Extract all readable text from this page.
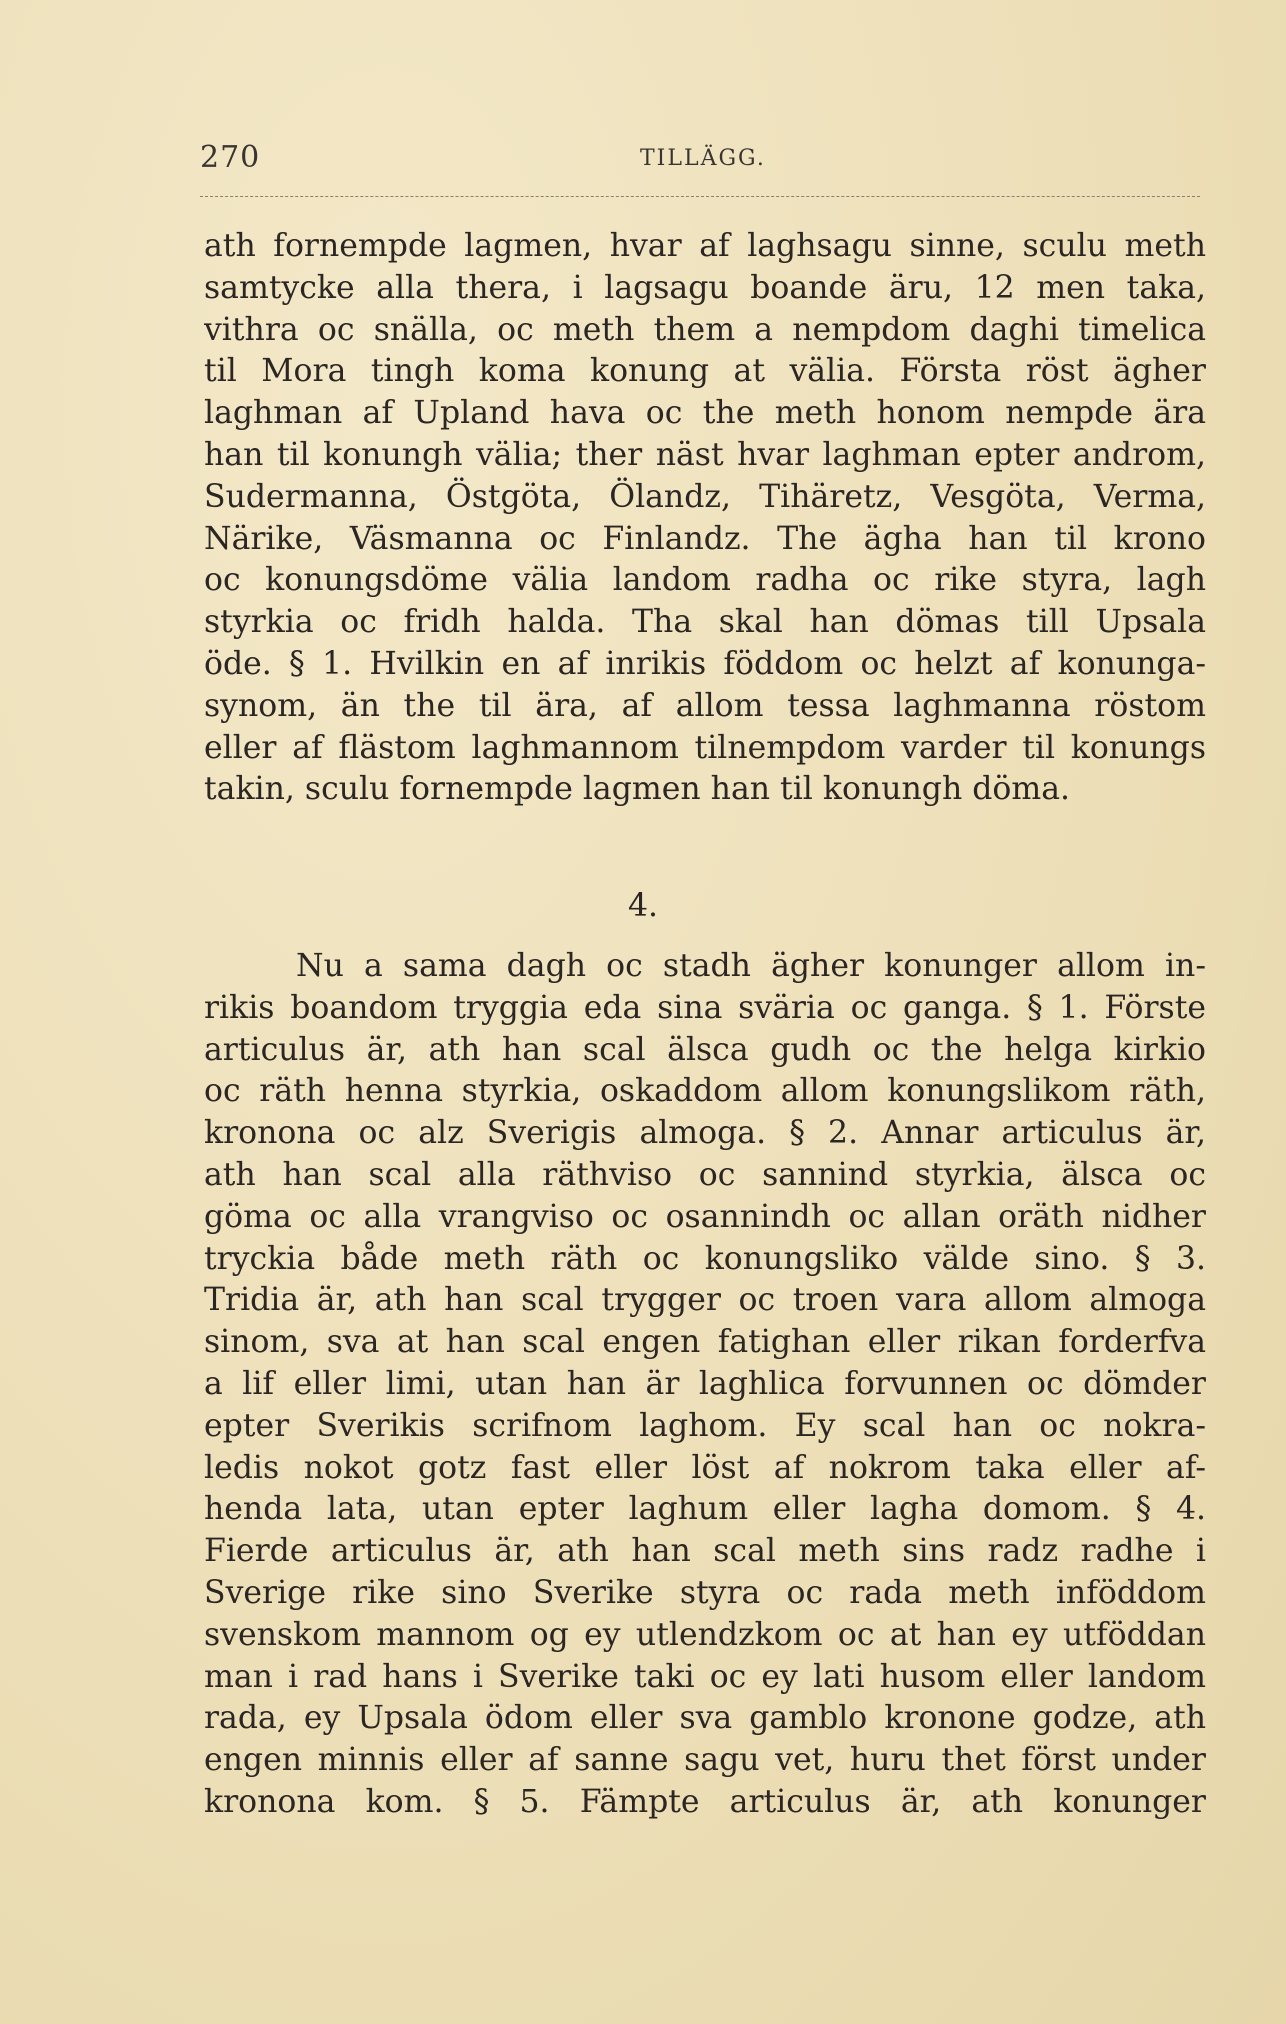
270	TILLÄGG.
ath fornempde lagmen, hvar af laghsagu sinne, sculu meth
samtycke alla thera, i lagsagu boande äru, 12 men taka,
vithra oc snälla, oc meth them a nempdom daghi timelica
til Mora tingh koma konung at välia. Första röst ägher
laghman af Upland hava oc the meth honom nempde ära
han til konungh välia; ther näst hvar laghman epter androm,
Sudermanna, Östgöta, Ölandz, Tihäretz, Vesgöta, Verma,
Närike, Väsmanna oc Finlandz. The ägha han til krono
oc konungsdöme välia landom radha oc rike styra, lagh
styrkia oc fridh halda. Tha skal han dömas till Upsala
öde. § 1. Hvilkin en af inrikis föddom oc helzt af konunga-
synom, än the til ära, af allom tessa laghmanna röstom
eller af flästom laghmannom tilnempdom varder til konungs
takin, sculu fornempde lagmen han til konungh döma.
4.
Nu a sama dagh oc stadh ägher konunger allom in-
rikis boandom tryggia eda sina sväria oc ganga. § 1. Förste
articulus är, ath han scal älsca gudh oc the helga kirkio
oc räth henna styrkia, oskaddom allom konungslikom räth,
kronona oc alz Sverigis almoga. § 2. Annar articulus är,
ath han scal alla räthviso oc sannind styrkia, älsca oc
göma oc alla vrangviso oc osannindh oc allan oräth nidher
tryckia både meth räth oc konungsliko välde sino. § 3.
Tridia är, ath han scal trygger oc troen vara allom almoga
sinom, sva at han scal engen fatighan eller rikan forderfva
a lif eller limi, utan han är laghlica forvunnen oc dömder
epter Sverikis scrifnom laghom. Ey scal han oc nokra-
ledis nokot gotz fast eller löst af nokrom taka eller af-
henda lata, utan epter laghum eller lagha domom. § 4.
Fierde articulus är, ath han scal meth sins radz radhe i
Sverige rike sino Sverike styra oc rada meth inföddom
svenskom mannom og ey utlendzkom oc at han ey utföddan
man i rad hans i Sverike taki oc ey lati husom eller landom
rada, ey Upsala ödom eller sva gamblo kronone godze, ath
engen minnis eller af sanne sagu vet, huru thet först under
kronona kom. § 5. Fämpte articulus är, ath konunger
